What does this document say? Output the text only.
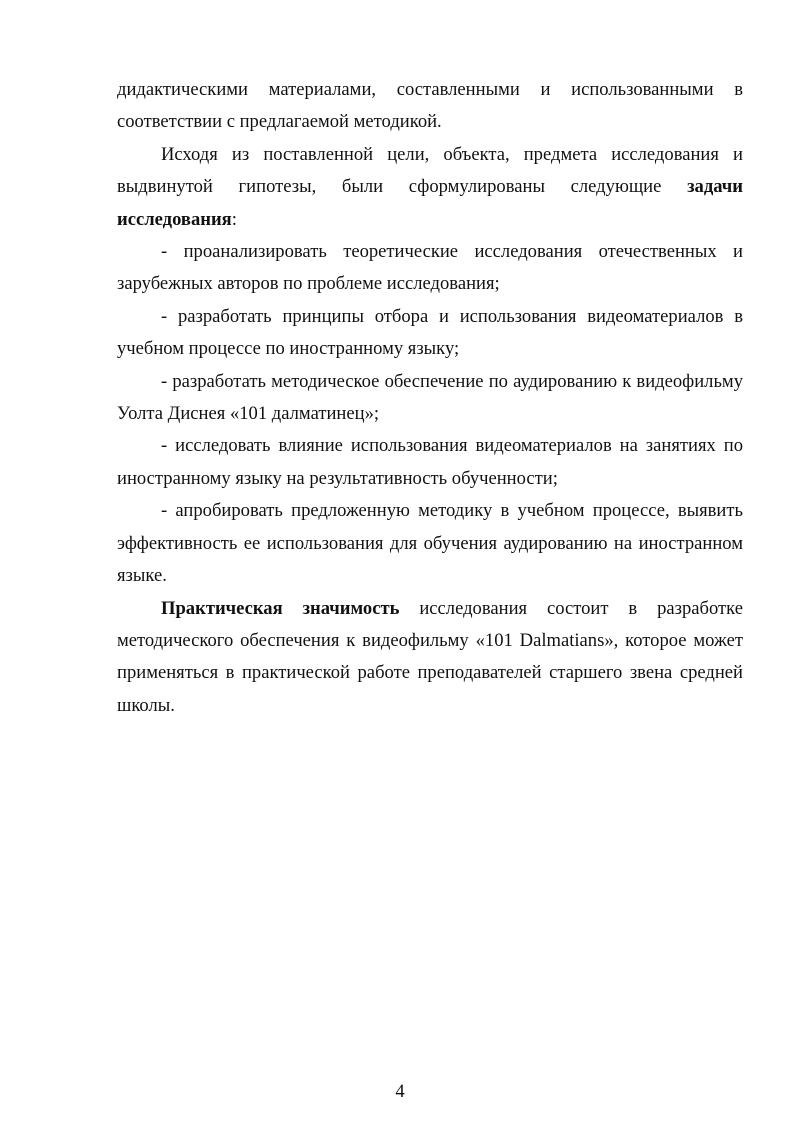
дидактическими материалами, составленными и использованными в соответствии с предлагаемой методикой.

Исходя из поставленной цели, объекта, предмета исследования и выдвинутой гипотезы, были сформулированы следующие задачи исследования:

- проанализировать теоретические исследования отечественных и зарубежных авторов по проблеме исследования;

- разработать принципы отбора и использования видеоматериалов в учебном процессе по иностранному языку;

- разработать методическое обеспечение по аудированию к видеофильму Уолта Диснея «101 далматинец»;

- исследовать влияние использования видеоматериалов на занятиях по иностранному языку на результативность обученности;

- апробировать предложенную методику в учебном процессе, выявить эффективность ее использования для обучения аудированию на иностранном языке.

Практическая значимость исследования состоит в разработке методического обеспечения к видеофильму «101 Dalmatians», которое может применяться в практической работе преподавателей старшего звена средней школы.

4
